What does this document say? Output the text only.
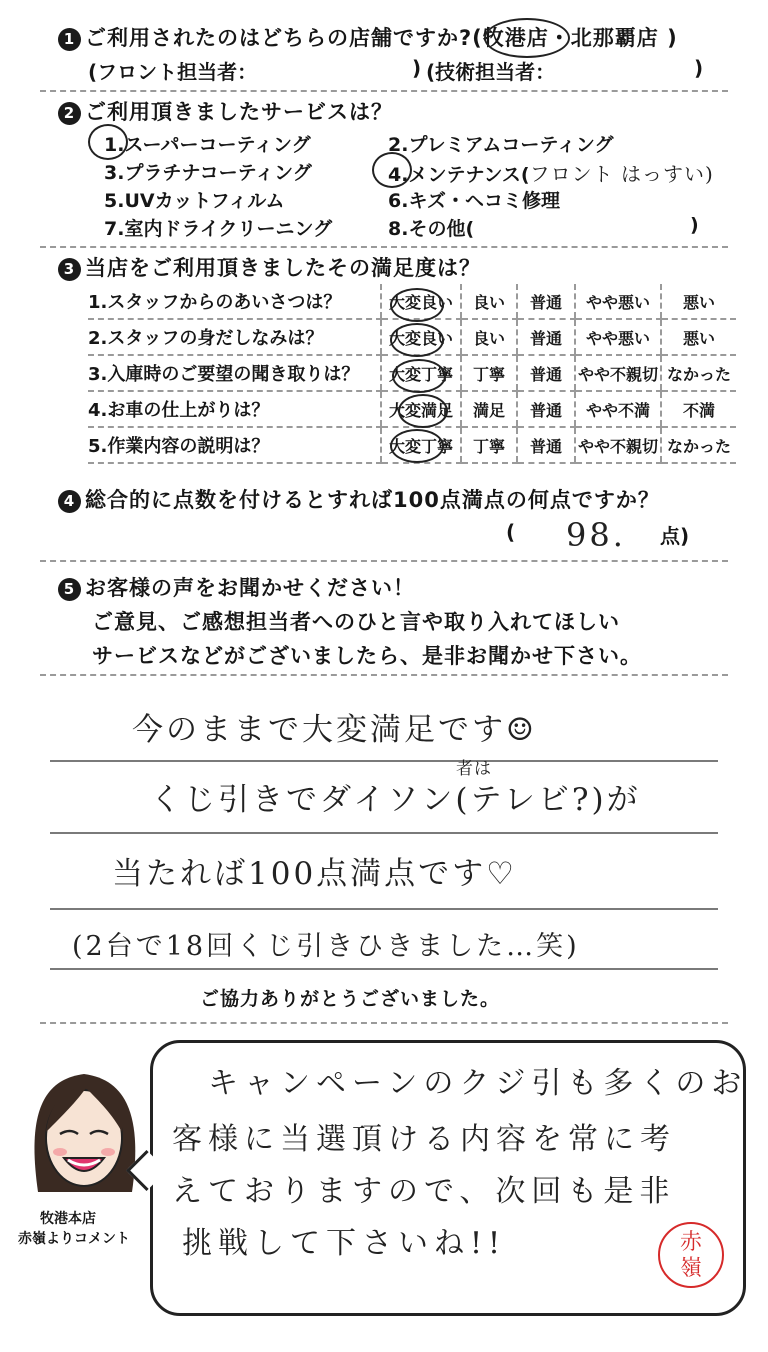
1 ご利用されたのはどちらの店舗ですか?(牧港店・北那覇店 )
(フロント担当者：	) (技術担当者：	)
2 ご利用頂きましたサービスは？
1.スーパーコーティング	2.プレミアムコーティング
3.プラチナコーティング	4.メンテナンス(フロント はっすい)
5.UVカットフィルム	6.キズ・ヘコミ修理
7.室内ドライクリーニング	8.その他(	)
3 当店をご利用頂きましたその満足度は？
1.スタッフからのあいさつは？	大変良い	良い	普通	やや悪い	悪い
2.スタッフの身だしなみは？	大変良い	良い	普通	やや悪い	悪い
3.入庫時のご要望の聞き取りは？	大変丁寧	丁寧	普通	やや不親切	なかった
4.お車の仕上がりは？	大変満足	満足	普通	やや不満	不満
5.作業内容の説明は？	大変丁寧	丁寧	普通	やや不親切	なかった
4 総合的に点数を付けるとすれば100点満点の何点ですか？
( 98. 点)
5 お客様の声をお聞かせください！
ご意見、ご感想担当者へのひと言や取り入れてほしい
サービスなどがございましたら、是非お聞かせ下さい。
今のままで大変満足です☺
くじ引きでダイソン(テレビ?)が
者は
当たれば100点満点です♡
(2台で18回くじ引きひきました…笑)
ご協力ありがとうございました。
牧港本店
赤嶺よりコメント
キャンペーンのクジ引も多くのお
客様に当選頂ける内容を常に考
えておりますので、次回も是非
挑戦して下さいね!!	赤
嶺
